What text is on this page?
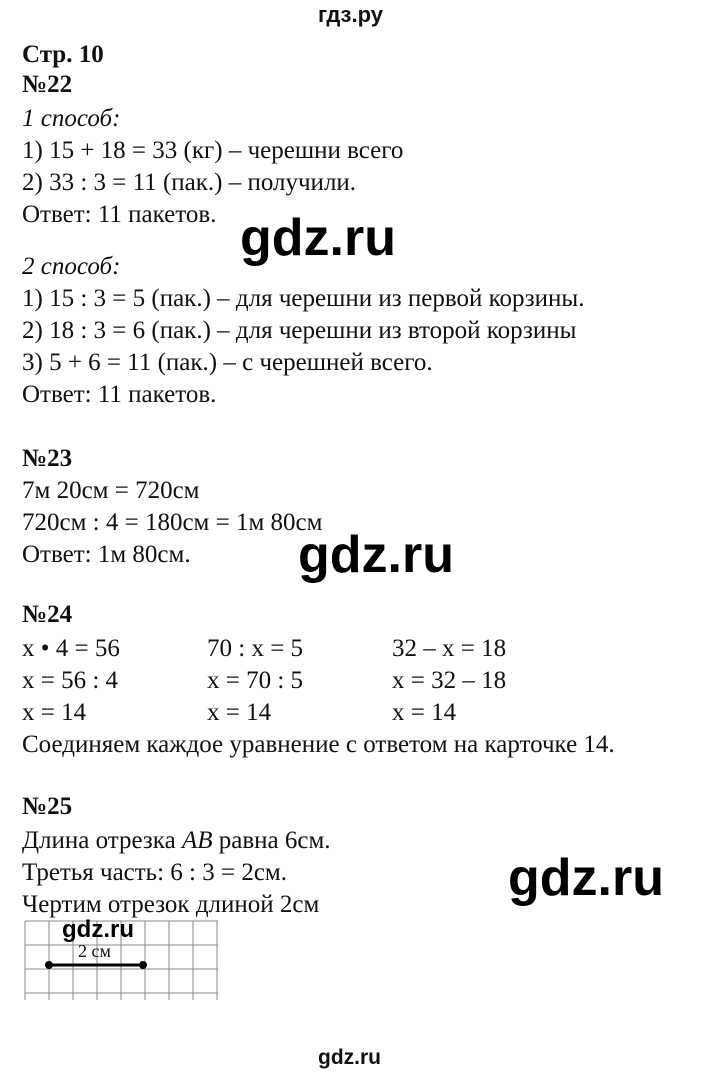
гдз.ру
Стр. 10
№22
1 способ:
1) 15 + 18 = 33 (кг) – черешни всего
2) 33 : 3 = 11 (пак.) – получили.
Ответ: 11 пакетов.
2 способ:
1) 15 : 3 = 5 (пак.) – для черешни из первой корзины.
2) 18 : 3 = 6 (пак.) – для черешни из второй корзины
3) 5 + 6 = 11 (пак.) – с черешней всего.
Ответ: 11 пакетов.
№23
7м 20см = 720см
720см : 4 = 180см = 1м 80см
Ответ: 1м 80см.
№24
x • 4 = 56
x = 56 : 4
x = 14
70 : x = 5
x = 70 : 5
x = 14
32 – x = 18
x = 32 – 18
x = 14
Соединяем каждое уравнение с ответом на карточке 14.
№25
Длина отрезка AB равна 6см.
Третья часть: 6 : 3 = 2см.
Чертим отрезок длиной 2см
2 см
gdz.ru
gdz.ru
gdz.ru
gdz.ru
gdz.ru
